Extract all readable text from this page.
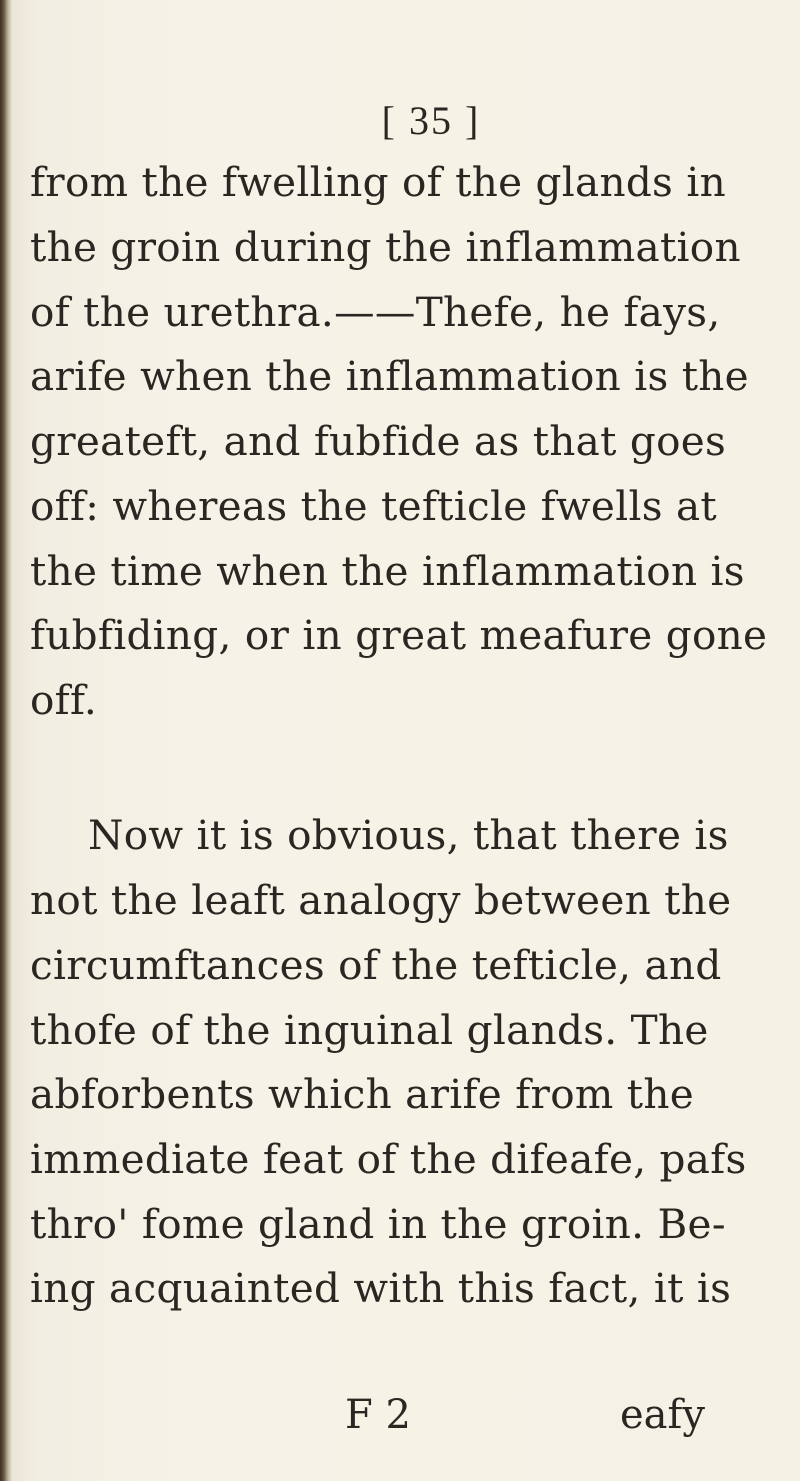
[ 35 ]
from the fwelling of the glands in
the groin during the inflammation
of the urethra.——Thefe, he fays,
arife when the inflammation is the
greateft, and fubfide as that goes
off: whereas the tefticle fwells at
the time when the inflammation is
fubfiding, or in great meafure gone
off.
Now it is obvious, that there is
not the leaft analogy between the
circumftances of the tefticle, and
thofe of the inguinal glands. The
abforbents which arife from the
immediate feat of the difeafe, pafs
thro' fome gland in the groin. Be-
ing acquainted with this fact, it is
F 2	eafy
